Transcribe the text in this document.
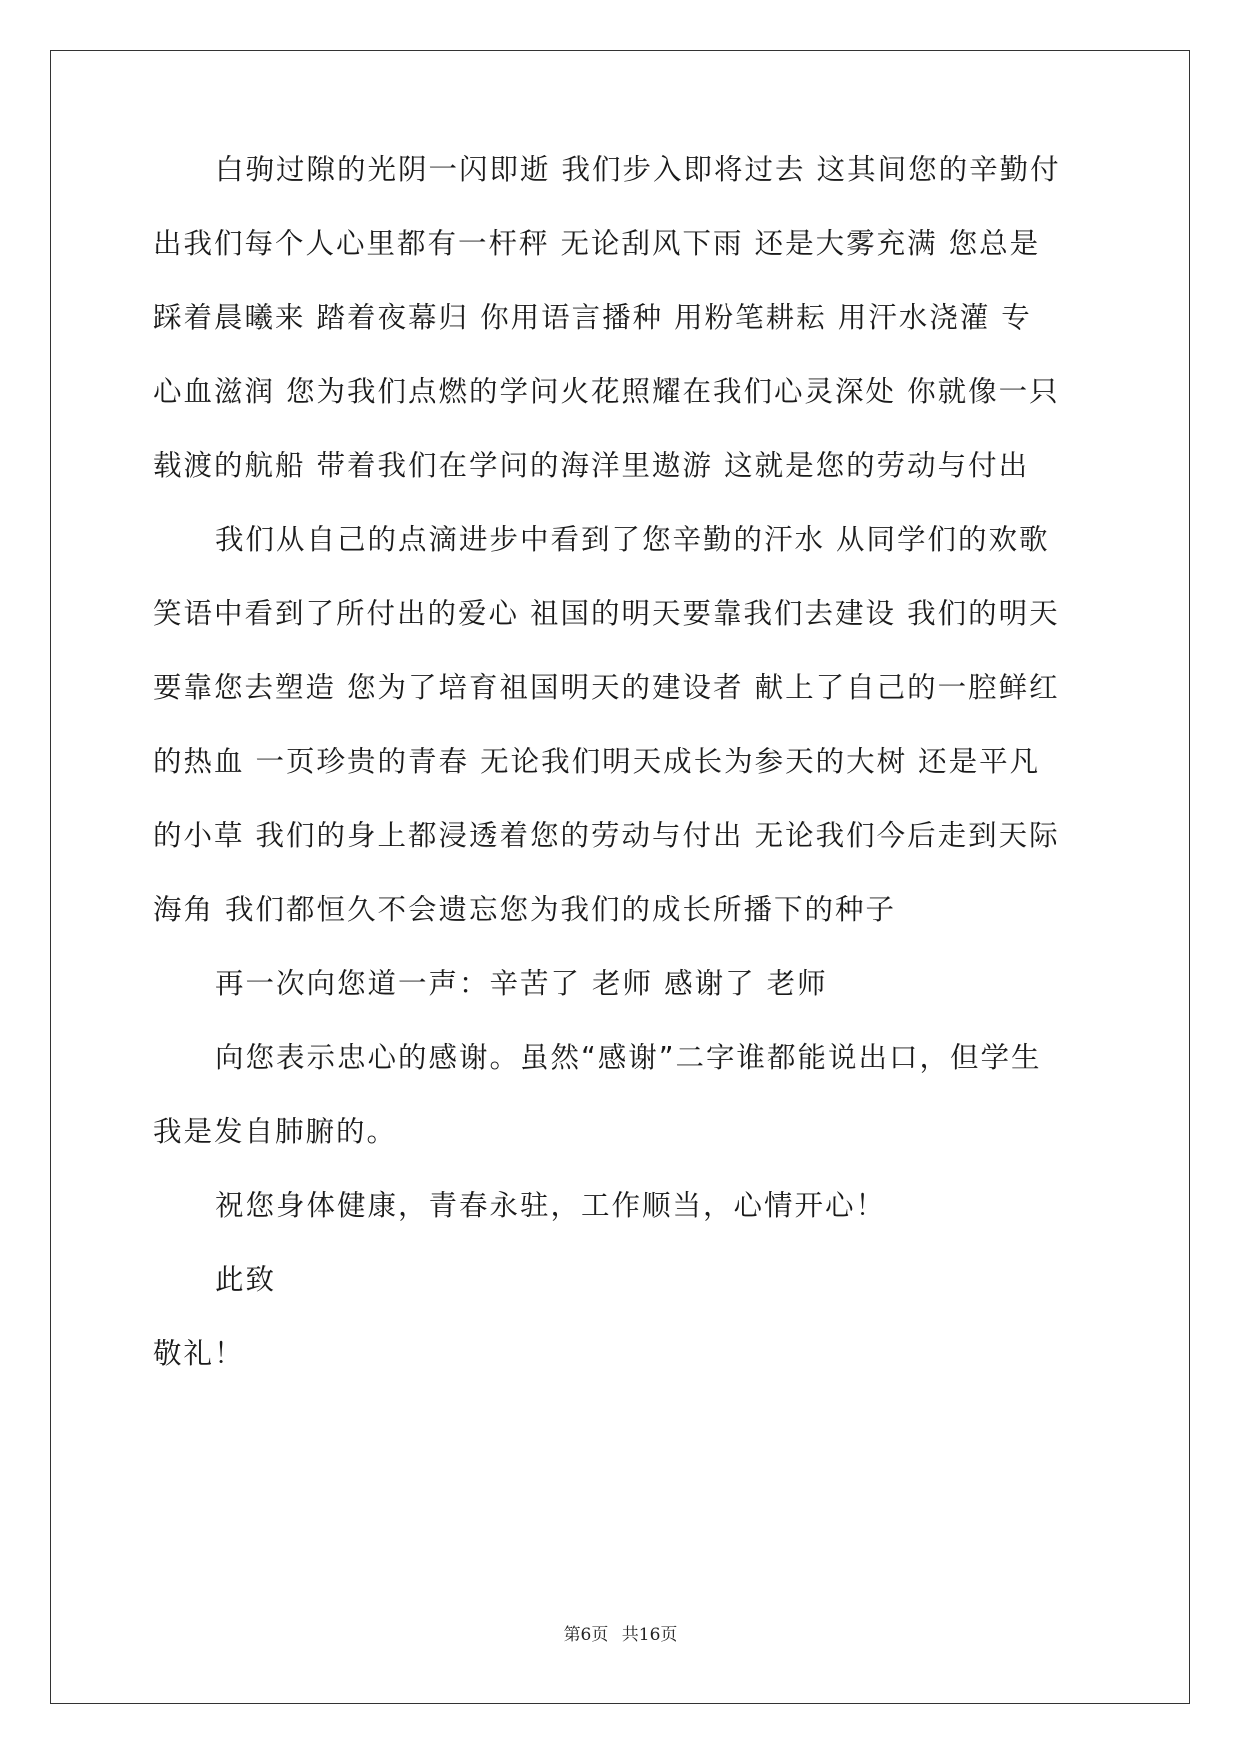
白驹过隙的光阴一闪即逝 我们步入即将过去 这其间您的辛勤付
出我们每个人心里都有一杆秤 无论刮风下雨 还是大雾充满 您总是
踩着晨曦来 踏着夜幕归 你用语言播种 用粉笔耕耘 用汗水浇灌 专
心血滋润 您为我们点燃的学问火花照耀在我们心灵深处 你就像一只
载渡的航船 带着我们在学问的海洋里遨游 这就是您的劳动与付出
我们从自己的点滴进步中看到了您辛勤的汗水 从同学们的欢歌
笑语中看到了所付出的爱心 祖国的明天要靠我们去建设 我们的明天
要靠您去塑造 您为了培育祖国明天的建设者 献上了自己的一腔鲜红
的热血 一页珍贵的青春 无论我们明天成长为参天的大树 还是平凡
的小草 我们的身上都浸透着您的劳动与付出 无论我们今后走到天际
海角 我们都恒久不会遗忘您为我们的成长所播下的种子
再一次向您道一声：辛苦了 老师 感谢了 老师
向您表示忠心的感谢。虽然“感谢”二字谁都能说出口，但学生
我是发自肺腑的。
祝您身体健康，青春永驻，工作顺当，心情开心！
此致
敬礼！
第6页 共16页
